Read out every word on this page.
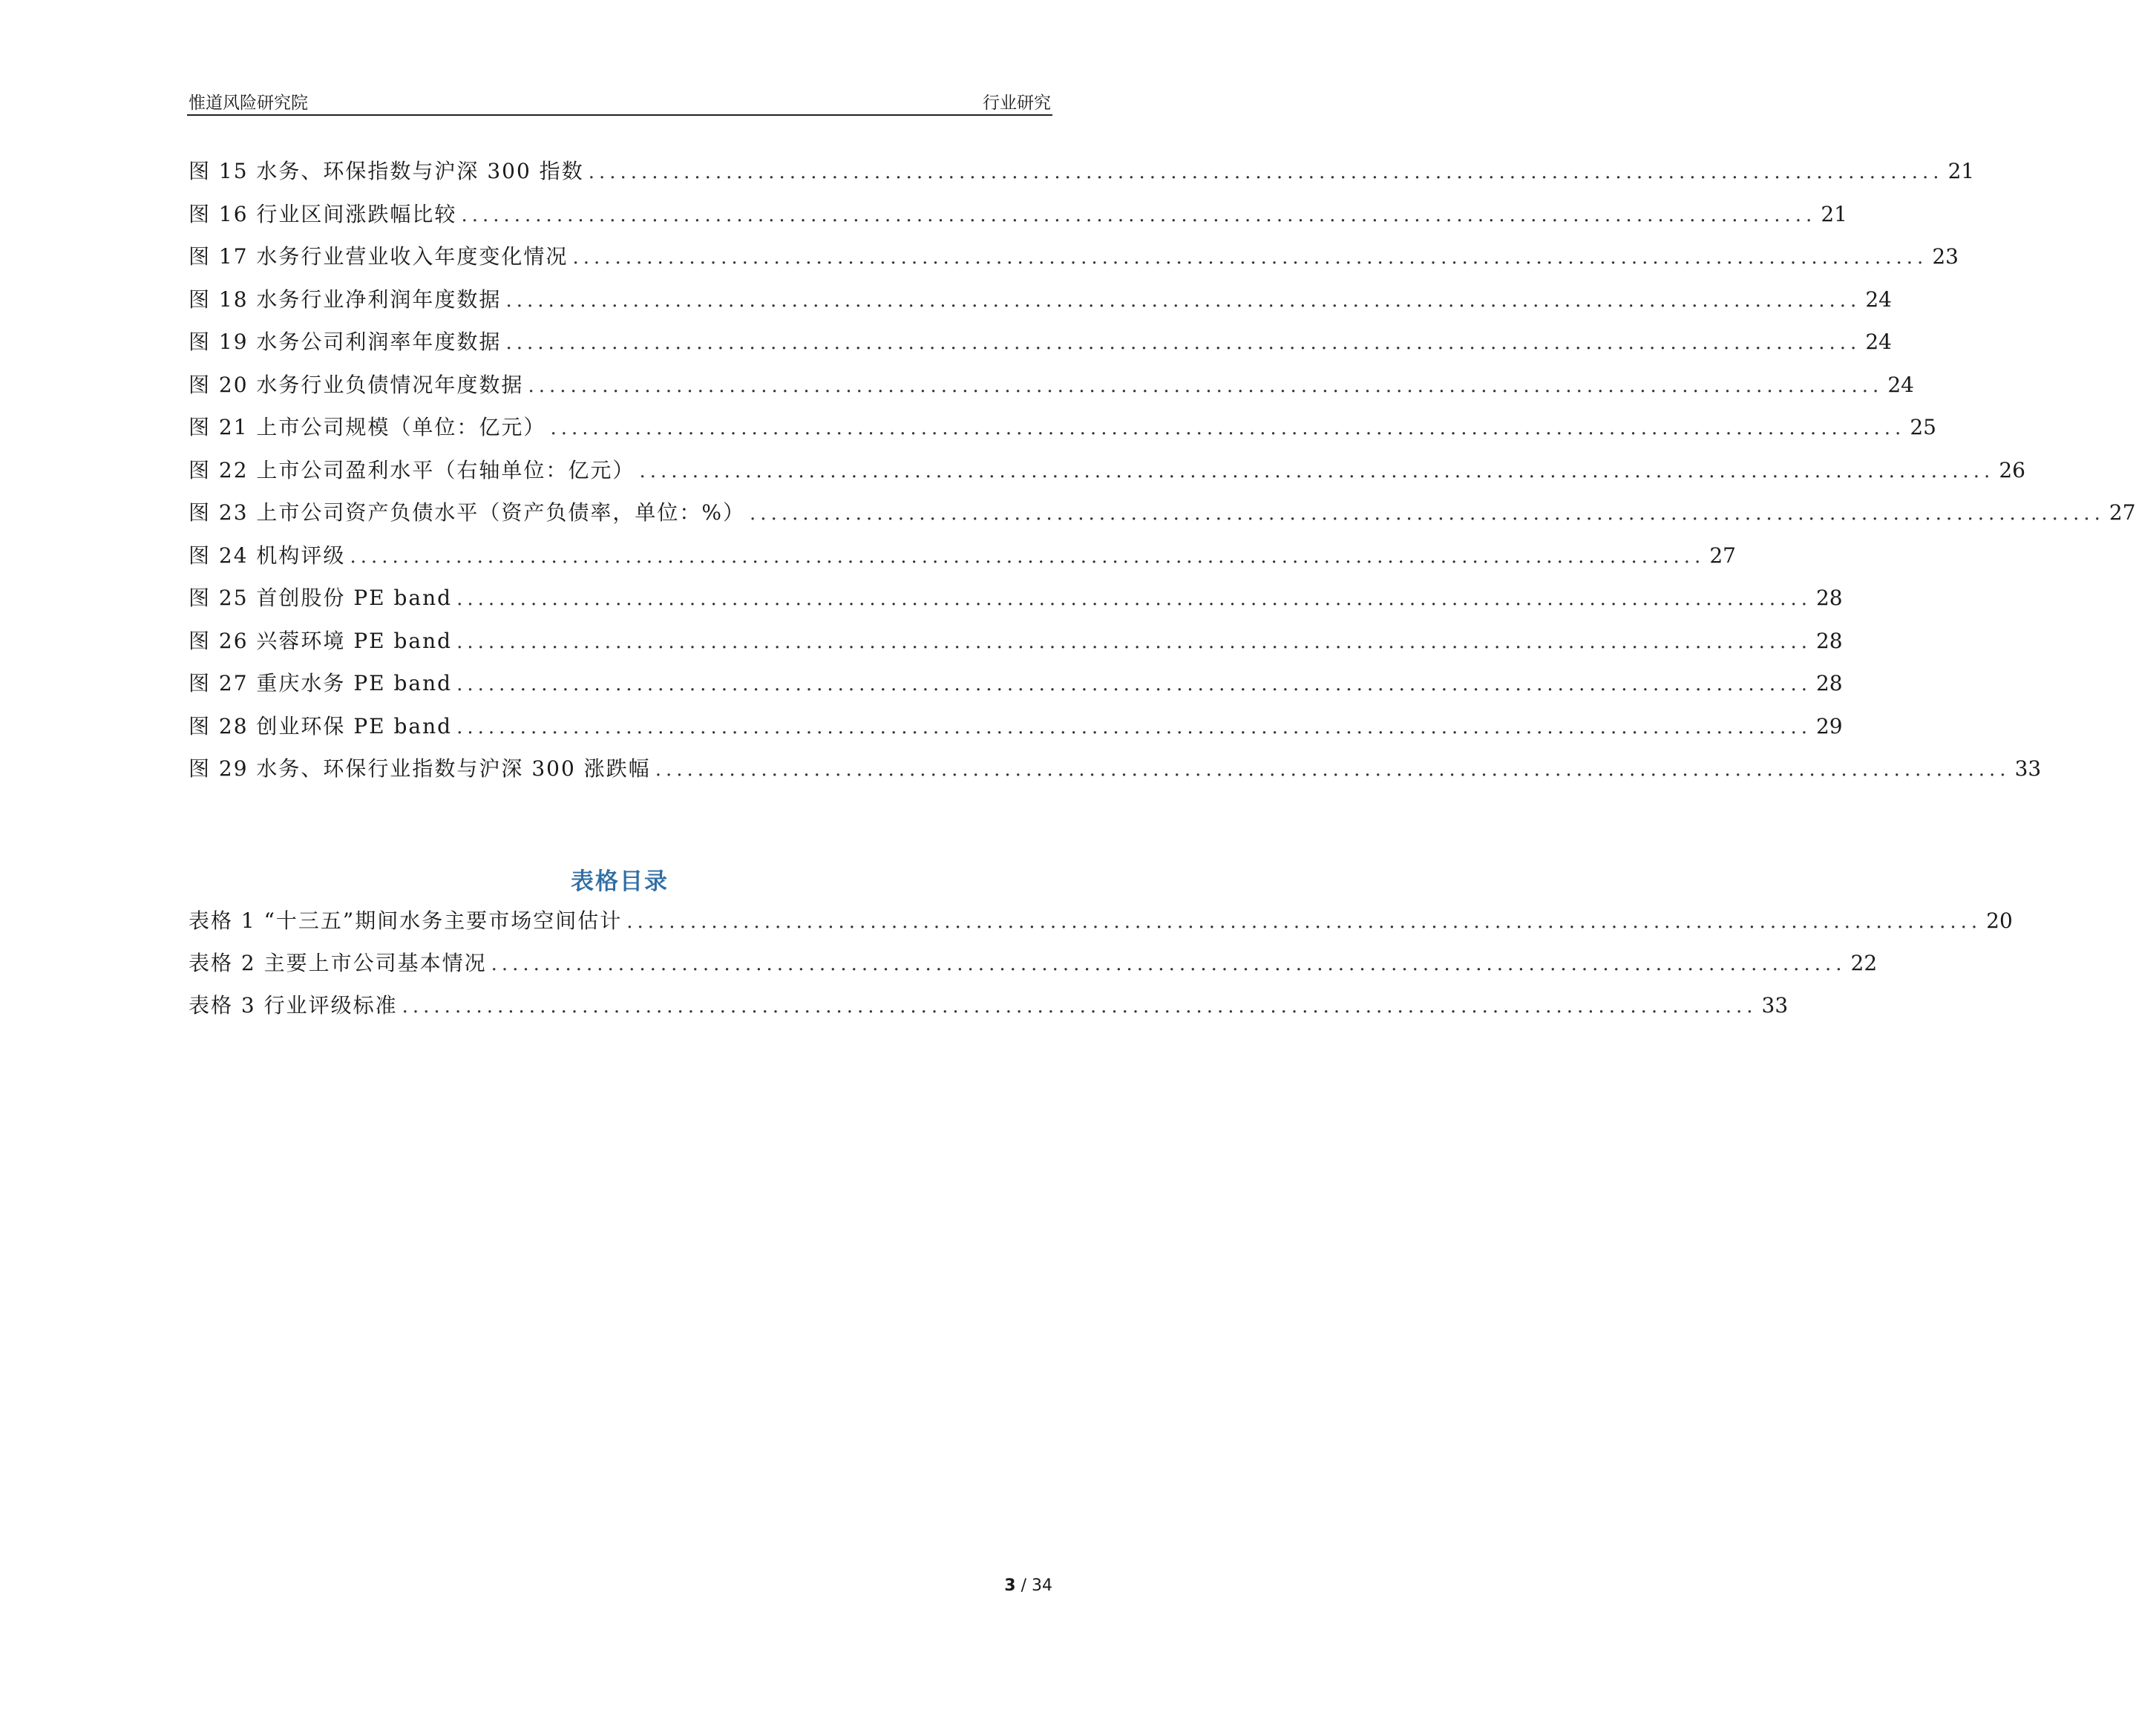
惟道风险研究院	行业研究
图 15 水务、环保指数与沪深 300 指数 ................................................................................................................................ 21
图 16 行业区间涨跌幅比较 ................................................................................................................................ 21
图 17 水务行业营业收入年度变化情况 ................................................................................................................................ 23
图 18 水务行业净利润年度数据 ................................................................................................................................ 24
图 19 水务公司利润率年度数据 ................................................................................................................................ 24
图 20 水务行业负债情况年度数据 ................................................................................................................................ 24
图 21 上市公司规模（单位：亿元） ................................................................................................................................ 25
图 22 上市公司盈利水平（右轴单位：亿元） ................................................................................................................................ 26
图 23 上市公司资产负债水平（资产负债率，单位：%） ................................................................................................................................ 27
图 24 机构评级 ................................................................................................................................ 27
图 25 首创股份 PE band ................................................................................................................................ 28
图 26 兴蓉环境 PE band ................................................................................................................................ 28
图 27 重庆水务 PE band ................................................................................................................................ 28
图 28 创业环保 PE band ................................................................................................................................ 29
图 29 水务、环保行业指数与沪深 300 涨跌幅 ................................................................................................................................ 33
表格目录
表格 1 “十三五”期间水务主要市场空间估计 ................................................................................................................................ 20
表格 2 主要上市公司基本情况 ................................................................................................................................ 22
表格 3 行业评级标准 ................................................................................................................................ 33
3 / 34
